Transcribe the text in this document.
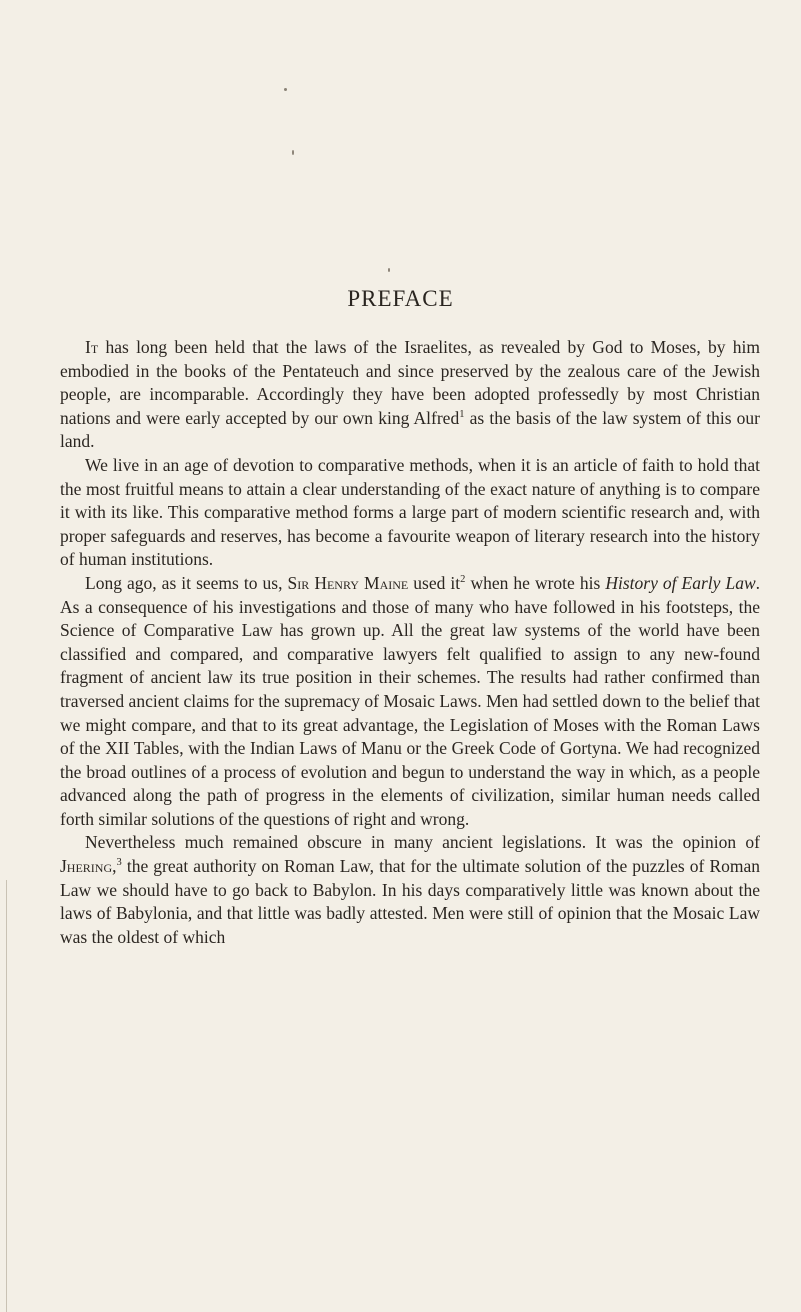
PREFACE

It has long been held that the laws of the Israelites, as revealed by God to Moses, by him embodied in the books of the Pentateuch and since preserved by the zealous care of the Jewish people, are incomparable. Accordingly they have been adopted professedly by most Christian nations and were early accepted by our own king Alfred$^1$ as the basis of the law system of this our land.

We live in an age of devotion to comparative methods, when it is an article of faith to hold that the most fruitful means to attain a clear understanding of the exact nature of anything is to compare it with its like. This comparative method forms a large part of modern scientific research and, with proper safeguards and reserves, has become a favourite weapon of literary research into the history of human institutions.

Long ago, as it seems to us, Sir Henry Maine used it$^2$ when he wrote his History of Early Law. As a consequence of his investigations and those of many who have followed in his footsteps, the Science of Comparative Law has grown up. All the great law systems of the world have been classified and compared, and comparative lawyers felt qualified to assign to any new-found fragment of ancient law its true position in their schemes. The results had rather confirmed than traversed ancient claims for the supremacy of Mosaic Laws. Men had settled down to the belief that we might compare, and that to its great advantage, the Legislation of Moses with the Roman Laws of the XII Tables, with the Indian Laws of Manu or the Greek Code of Gortyna. We had recognized the broad outlines of a process of evolution and begun to understand the way in which, as a people advanced along the path of progress in the elements of civilization, similar human needs called forth similar solutions of the questions of right and wrong.

Nevertheless much remained obscure in many ancient legislations. It was the opinion of Jhering,$^3$ the great authority on Roman Law, that for the ultimate solution of the puzzles of Roman Law we should have to go back to Babylon. In his days comparatively little was known about the laws of Babylonia, and that little was badly attested. Men were still of opinion that the Mosaic Law was the oldest of which
